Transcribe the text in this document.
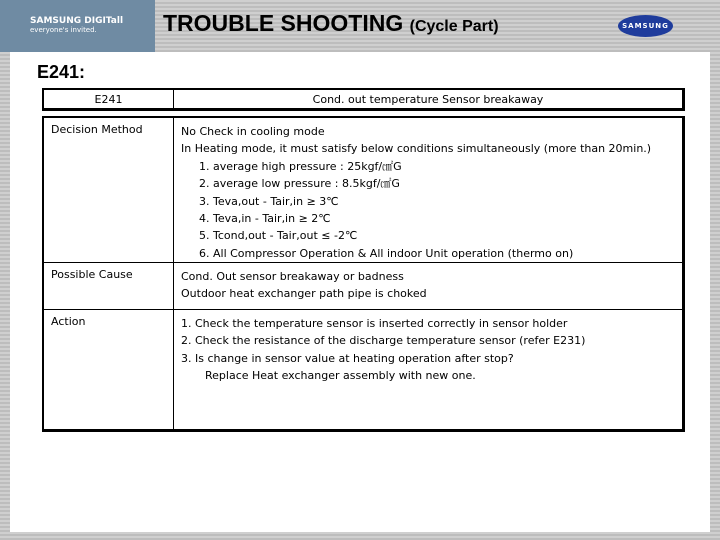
SAMSUNG DIGITall
everyone's invited.	TROUBLE SHOOTING (Cycle Part)	SAMSUNG
E241:
E241	Cond. out temperature Sensor breakaway
Decision Method	No Check in cooling mode
In Heating mode, it must satisfy below conditions simultaneously (more than 20min.)
1. average high pressure : 25kgf/㎠G
2. average low pressure : 8.5kgf/㎠G
3. Teva,out - Tair,in ≥ 3℃
4. Teva,in - Tair,in ≥ 2℃
5. Tcond,out - Tair,out ≤ -2℃
6. All Compressor Operation & All indoor Unit operation (thermo on)
Possible Cause	Cond. Out sensor breakaway or badness
Outdoor heat exchanger path pipe is choked
Action	1. Check the temperature sensor is inserted correctly in sensor holder
2. Check the resistance of the discharge temperature sensor (refer E231)
3. Is change in sensor value at heating operation after stop?
Replace Heat exchanger assembly with new one.
